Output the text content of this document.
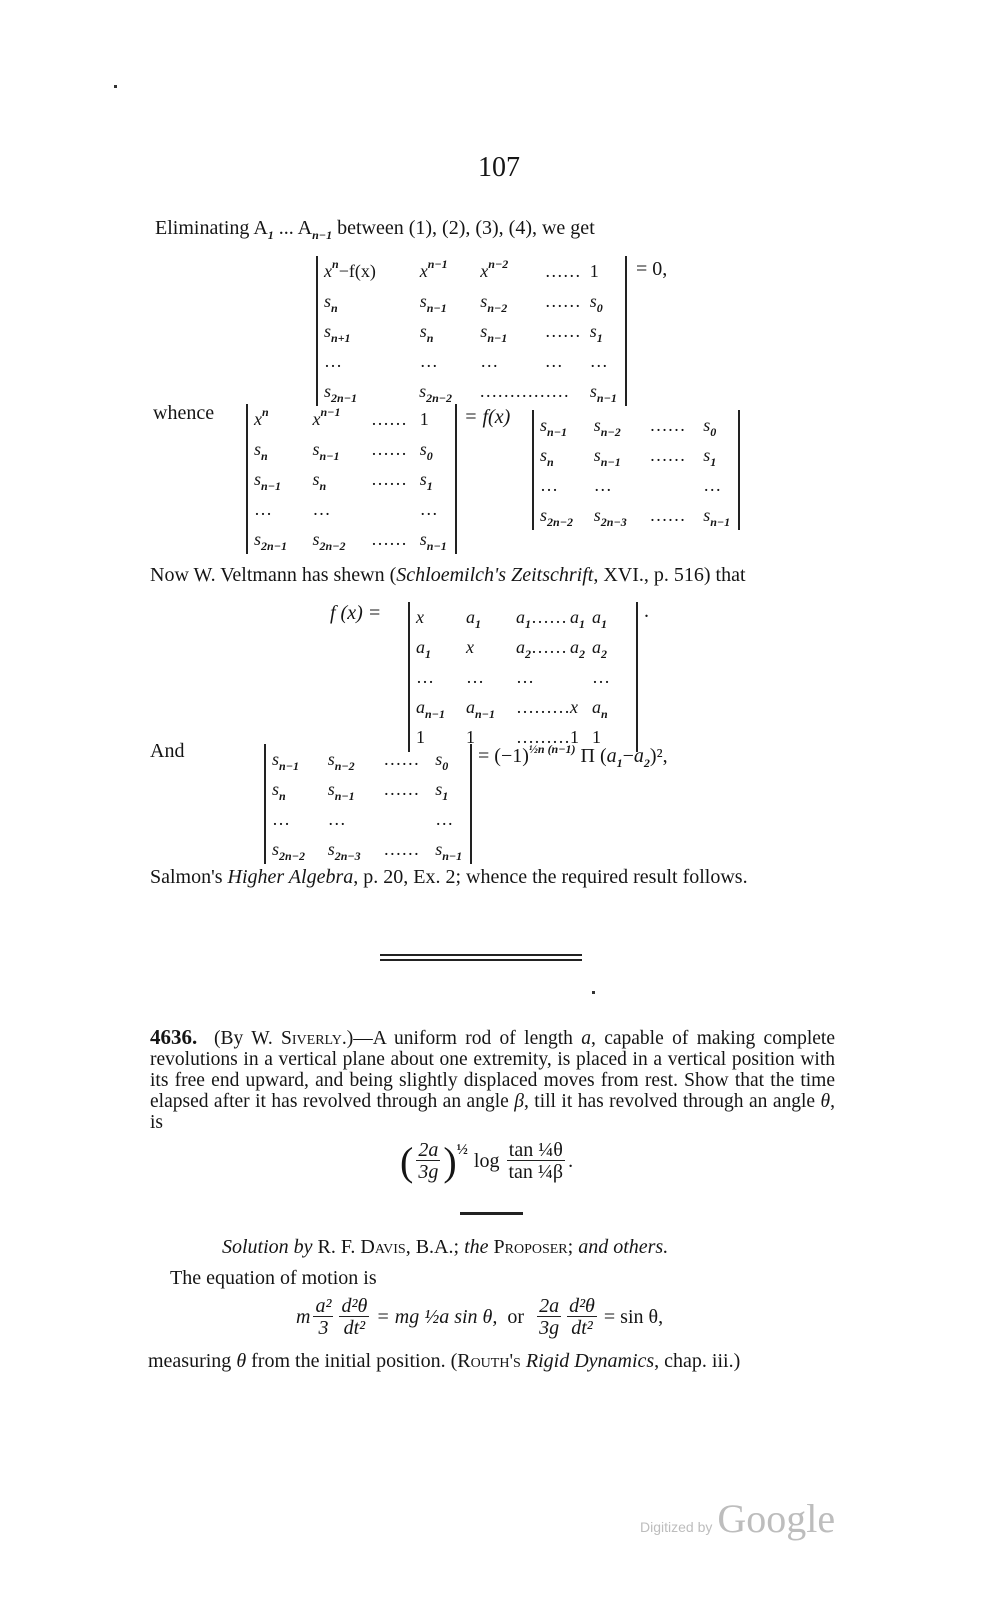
107
Eliminating $A_1$ ... $A_{n-1}$ between (1), (2), (3), (4), we get
$x^n-f(x)$	$x^{n-1}$	$x^{n-2}$	…… 1
$s_n$	$s_{n-1}$	$s_{n-2}$	…… $s_0$
$s_{n+1}$	$s_n$	$s_{n-1}$	…… $s_1$
…	…	…	…	…
$s_{2n-1}$	$s_{2n-2}$	…………… $s_{n-1}$
= 0,
whence $x^n$	$x^{n-1}$	…… 1
$s_n$	$s_{n-1}$	…… $s_0$
$s_{n-1}$	$s_n$	…… $s_1$
…	…	…
$s_{2n-1}$	$s_{2n-2}$	…… $s_{n-1}$
= f(x) $s_{n-1}$	$s_{n-2}$	…… $s_0$
$s_n$	$s_{n-1}$	…… $s_1$
…	…	…
$s_{2n-2}$	$s_{2n-3}$	…… $s_{n-1}$
Now W. Veltmann has shewn (Schloemilch's Zeitschrift, XVI., p. 516) that
f (x) = x	$a_1$	$a_1\dots\dots$ $a_1$ $a_1$
$a_1$	x	$a_2\dots\dots$ $a_2$ $a_2$
…	…	…	…
$a_{n-1}$	$a_{n-1}$	……… x $a_n$
1	1	……… 1 1
.
And	$s_{n-1}$	$s_{n-2}$	…… $s_0$
$s_n$	$s_{n-1}$	…… $s_1$
…	…	…
$s_{2n-2}$	$s_{2n-3}$	…… $s_{n-1}$
= $(-1)^{\frac{1}{2}n (n-1)}$ Π $(a_1-a_2)^2$,
Salmon's Higher Algebra, p. 20, Ex. 2; whence the required result follows.
4636. (By W. Siverly.)—A uniform rod of length a, capable of making complete revolutions in a vertical plane about one extremity, is placed in a vertical position with its free end upward, and being slightly displaced moves from rest. Show that the time elapsed after it has revolved through an angle β, till it has revolved through an angle θ, is
( $\frac{2a}{3g}$ ) ½ $\log \frac{\text{tan ¼θ}}{\text{tan ¼β}}$ .
Solution by R. F. Davis, B.A.; the Proposer; and others.
The equation of motion is
m $\frac{\text{a²}}{3} \frac{\text{d²θ}}{\text{dt²}}$ = mg ½a sin θ, or $\frac{2a}{3g} \frac{\text{d²θ}}{\text{dt²}} = \sin \theta$,
measuring θ from the initial position. (Routh's Rigid Dynamics, chap. iii.)
Digitized by Google
